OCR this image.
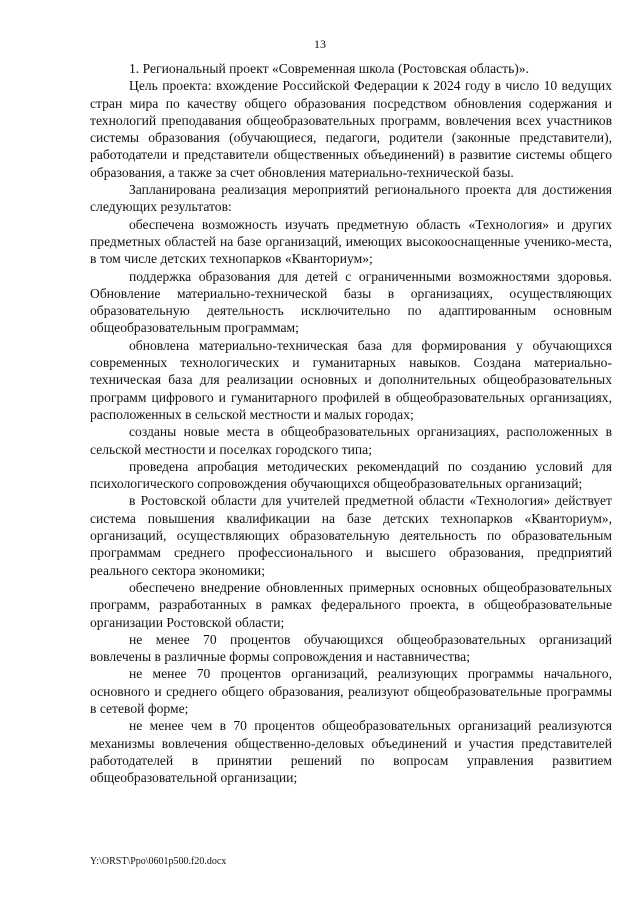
13

1. Региональный проект «Современная школа (Ростовская область)».

Цель проекта: вхождение Российской Федерации к 2024 году в число 10 ведущих стран мира по качеству общего образования посредством обновления содержания и технологий преподавания общеобразовательных программ, вовлечения всех участников системы образования (обучающиеся, педагоги, родители (законные представители), работодатели и представители общественных объединений) в развитие системы общего образования, а также за счет обновления материально-технической базы.

Запланирована реализация мероприятий регионального проекта для достижения следующих результатов:

обеспечена возможность изучать предметную область «Технология» и других предметных областей на базе организаций, имеющих высокооснащенные ученико-места, в том числе детских технопарков «Кванториум»;

поддержка образования для детей с ограниченными возможностями здоровья. Обновление материально-технической базы в организациях, осуществляющих образовательную деятельность исключительно по адаптированным основным общеобразовательным программам;

обновлена материально-техническая база для формирования у обучающихся современных технологических и гуманитарных навыков. Создана материально-техническая база для реализации основных и дополнительных общеобразовательных программ цифрового и гуманитарного профилей в общеобразовательных организациях, расположенных в сельской местности и малых городах;

созданы новые места в общеобразовательных организациях, расположенных в сельской местности и поселках городского типа;

проведена апробация методических рекомендаций по созданию условий для психологического сопровождения обучающихся общеобразовательных организаций;

в Ростовской области для учителей предметной области «Технология» действует система повышения квалификации на базе детских технопарков «Кванториум», организаций, осуществляющих образовательную деятельность по образовательным программам среднего профессионального и высшего образования, предприятий реального сектора экономики;

обеспечено внедрение обновленных примерных основных общеобразовательных программ, разработанных в рамках федерального проекта, в общеобразовательные организации Ростовской области;

не менее 70 процентов обучающихся общеобразовательных организаций вовлечены в различные формы сопровождения и наставничества;

не менее 70 процентов организаций, реализующих программы начального, основного и среднего общего образования, реализуют общеобразовательные программы в сетевой форме;

не менее чем в 70 процентов общеобразовательных организаций реализуются механизмы вовлечения общественно-деловых объединений и участия представителей работодателей в принятии решений по вопросам управления развитием общеобразовательной организации;

Y:\ORST\Ppo\0601p500.f20.docx
